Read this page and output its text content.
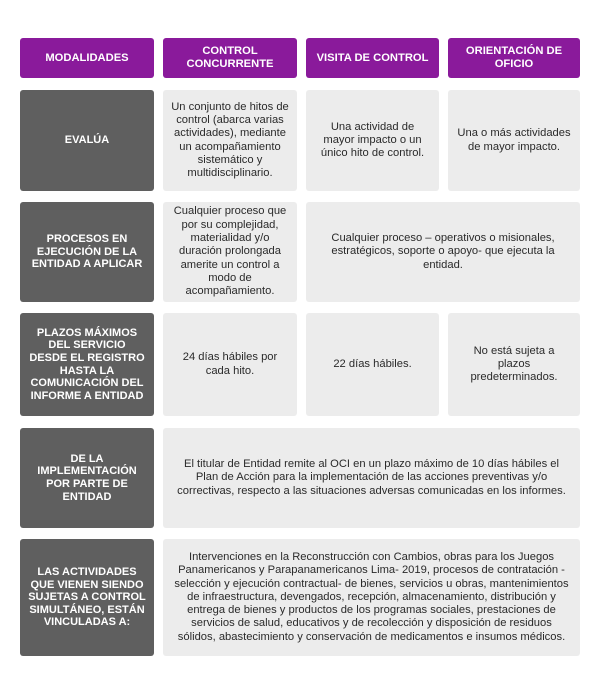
MODALIDADES
CONTROL CONCURRENTE
VISITA DE CONTROL
ORIENTACIÓN DE OFICIO
EVALÚA
Un conjunto de hitos de control (abarca varias actividades), mediante un acompañamiento sistemático y multidisciplinario.
Una actividad de mayor impacto o un único hito de control.
Una o más actividades de mayor impacto.
PROCESOS EN EJECUCIÓN DE LA ENTIDAD A APLICAR
Cualquier proceso que por su complejidad, materialidad y/o duración prolongada amerite un control a modo de acompañamiento.
Cualquier proceso – operativos o misionales, estratégicos, soporte o apoyo- que ejecuta la entidad.
PLAZOS MÁXIMOS DEL SERVICIO DESDE EL REGISTRO HASTA LA COMUNICACIÓN DEL INFORME A ENTIDAD
24 días hábiles por cada hito.
22 días hábiles.
No está sujeta a plazos predeterminados.
DE LA IMPLEMENTACIÓN POR PARTE DE ENTIDAD
El titular de Entidad remite al OCI en un plazo máximo de 10 días hábiles el Plan de Acción para la implementación de las acciones preventivas y/o correctivas, respecto a las situaciones adversas comunicadas en los informes.
LAS ACTIVIDADES QUE VIENEN SIENDO SUJETAS A CONTROL SIMULTÁNEO, ESTÁN VINCULADAS A:
Intervenciones en la Reconstrucción con Cambios, obras para los Juegos Panamericanos y Parapanamericanos Lima- 2019, procesos de contratación - selección y ejecución contractual- de bienes, servicios u obras, mantenimientos de infraestructura, devengados, recepción, almacenamiento, distribución y entrega de bienes y productos de los programas sociales, prestaciones de servicios de salud, educativos y de recolección y disposición de residuos sólidos, abastecimiento y conservación de medicamentos e insumos médicos.
